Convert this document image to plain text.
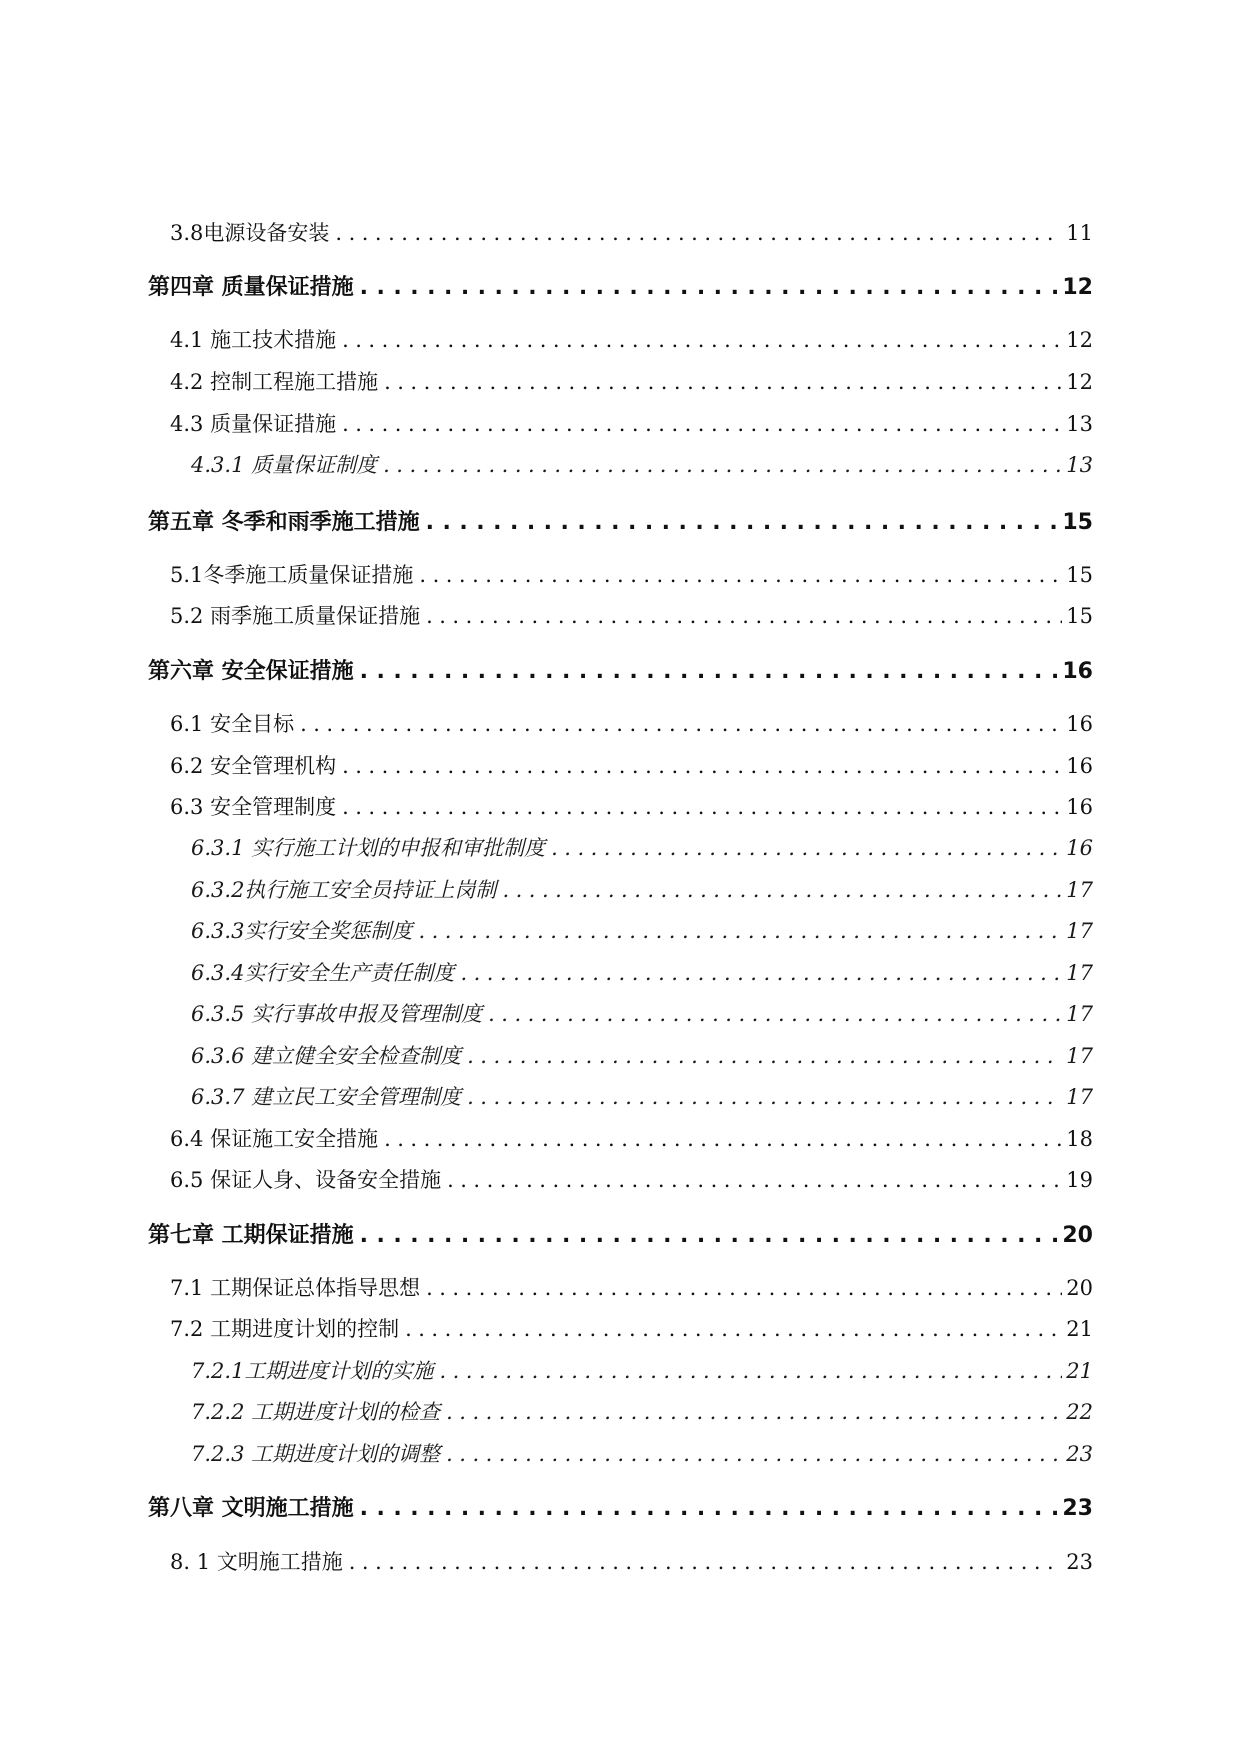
3.8电源设备安装 .....	11
第四章 质量保证措施 .....	12
4.1 施工技术措施 .....	12
4.2 控制工程施工措施 .....	12
4.3 质量保证措施 .....	13
4.3.1 质量保证制度 .....	13
第五章 冬季和雨季施工措施 .....	15
5.1冬季施工质量保证措施 .....	15
5.2 雨季施工质量保证措施 .....	15
第六章 安全保证措施 .....	16
6.1 安全目标 .....	16
6.2 安全管理机构 .....	16
6.3 安全管理制度 .....	16
6.3.1 实行施工计划的申报和审批制度 .....	16
6.3.2执行施工安全员持证上岗制 .....	17
6.3.3实行安全奖惩制度 .....	17
6.3.4实行安全生产责任制度 .....	17
6.3.5 实行事故申报及管理制度 .....	17
6.3.6 建立健全安全检查制度 .....	17
6.3.7 建立民工安全管理制度 .....	17
6.4 保证施工安全措施 .....	18
6.5 保证人身、设备安全措施 .....	19
第七章 工期保证措施 .....	20
7.1 工期保证总体指导思想 .....	20
7.2 工期进度计划的控制 .....	21
7.2.1工期进度计划的实施 .....	21
7.2.2 工期进度计划的检查 .....	22
7.2.3 工期进度计划的调整 .....	23
第八章 文明施工措施 .....	23
8. 1 文明施工措施 .....	23
